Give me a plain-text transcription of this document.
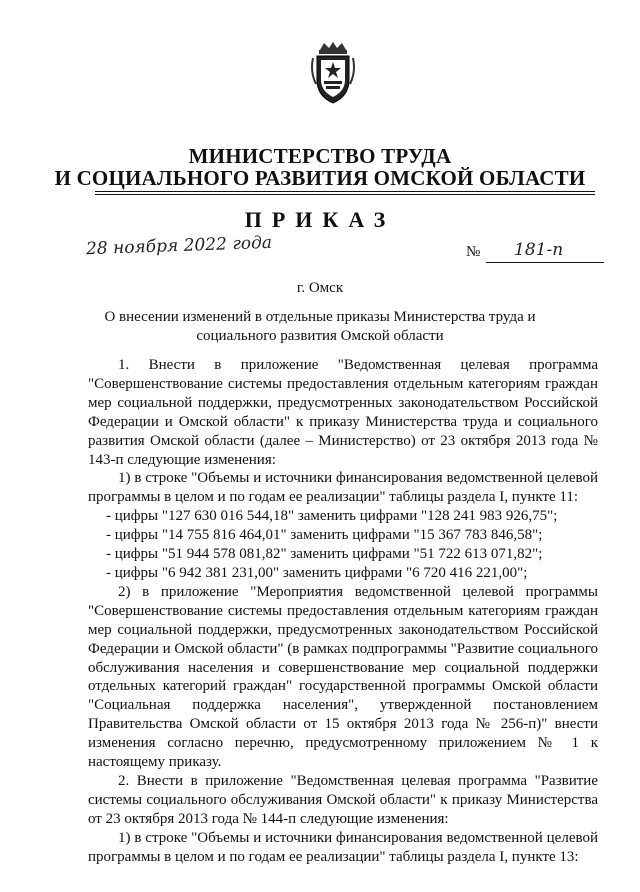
МИНИСТЕРСТВО ТРУДА
И СОЦИАЛЬНОГО РАЗВИТИЯ ОМСКОЙ ОБЛАСТИ
ПРИКАЗ
28 ноября 2022 года	№ 181-п
г. Омск
О внесении изменений в отдельные приказы Министерства труда и
социального развития Омской области

1. Внести в приложение "Ведомственная целевая программа "Совершенствование системы предоставления отдельным категориям граждан мер социальной поддержки, предусмотренных законодательством Российской Федерации и Омской области" к приказу Министерства труда и социального развития Омской области (далее – Министерство) от 23 октября 2013 года № 143-п следующие изменения:

1) в строке "Объемы и источники финансирования ведомственной целевой программы в целом и по годам ее реализации" таблицы раздела I, пункте 11:

- цифры "127 630 016 544,18" заменить цифрами "128 241 983 926,75";

- цифры "14 755 816 464,01" заменить цифрами "15 367 783 846,58";

- цифры "51 944 578 081,82" заменить цифрами "51 722 613 071,82";

- цифры "6 942 381 231,00" заменить цифрами "6 720 416 221,00";

2) в приложение "Мероприятия ведомственной целевой программы "Совершенствование системы предоставления отдельным категориям граждан мер социальной поддержки, предусмотренных законодательством Российской Федерации и Омской области" (в рамках подпрограммы "Развитие социального обслуживания населения и совершенствование мер социальной поддержки отдельных категорий граждан" государственной программы Омской области "Социальная поддержка населения", утвержденной постановлением Правительства Омской области от 15 октября 2013 года № 256-п)" внести изменения согласно перечню, предусмотренному приложением № 1 к настоящему приказу.

2. Внести в приложение "Ведомственная целевая программа "Развитие системы социального обслуживания Омской области" к приказу Министерства от 23 октября 2013 года № 144-п следующие изменения:

1) в строке "Объемы и источники финансирования ведомственной целевой программы в целом и по годам ее реализации" таблицы раздела I, пункте 13:
